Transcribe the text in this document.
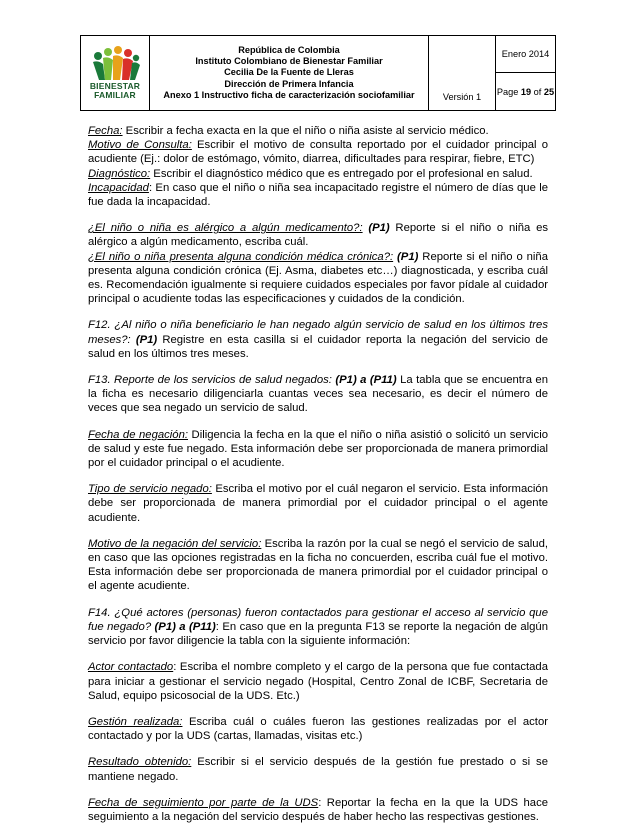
BIENESTAR
FAMILIAR

República de Colombia
Instituto Colombiano de Bienestar Familiar
Cecilia De la Fuente de Lleras
Dirección de Primera Infancia
Anexo 1 Instructivo ficha de caracterización sociofamiliar	Versión 1	Enero 2014
Page 19 of 25

Fecha: Escribir a fecha exacta en la que el niño o niña asiste al servicio médico.
Motivo de Consulta: Escribir el motivo de consulta reportado por el cuidador principal o acudiente (Ej.: dolor de estómago, vómito, diarrea, dificultades para respirar, fiebre, ETC)
Diagnóstico: Escribir el diagnóstico médico que es entregado por el profesional en salud.
Incapacidad: En caso que el niño o niña sea incapacitado registre el número de días que le fue dada la incapacidad.

¿El niño o niña es alérgico a algún medicamento?: (P1) Reporte si el niño o niña es alérgico a algún medicamento, escriba cuál.
¿El niño o niña presenta alguna condición médica crónica?: (P1) Reporte si el niño o niña presenta alguna condición crónica (Ej. Asma, diabetes etc…) diagnosticada, y escriba cuál es. Recomendación igualmente si requiere cuidados especiales por favor pídale al cuidador principal o acudiente todas las especificaciones y cuidados de la condición.

F12. ¿Al niño o niña beneficiario le han negado algún servicio de salud en los últimos tres meses?: (P1) Registre en esta casilla si el cuidador reporta la negación del servicio de salud en los últimos tres meses.

F13. Reporte de los servicios de salud negados: (P1) a (P11) La tabla que se encuentra en la ficha es necesario diligenciarla cuantas veces sea necesario, es decir el número de veces que sea negado un servicio de salud.

Fecha de negación: Diligencia la fecha en la que el niño o niña asistió o solicitó un servicio de salud y este fue negado. Esta información debe ser proporcionada de manera primordial por el cuidador principal o el acudiente.

Tipo de servicio negado: Escriba el motivo por el cuál negaron el servicio. Esta información debe ser proporcionada de manera primordial por el cuidador principal o el agente acudiente.

Motivo de la negación del servicio: Escriba la razón por la cual se negó el servicio de salud, en caso que las opciones registradas en la ficha no concuerden, escriba cuál fue el motivo. Esta información debe ser proporcionada de manera primordial por el cuidador principal o el agente acudiente.

F14. ¿Qué actores (personas) fueron contactados para gestionar el acceso al servicio que fue negado? (P1) a (P11): En caso que en la pregunta F13 se reporte la negación de algún servicio por favor diligencie la tabla con la siguiente información:

Actor contactado: Escriba el nombre completo y el cargo de la persona que fue contactada para iniciar a gestionar el servicio negado (Hospital, Centro Zonal de ICBF, Secretaria de Salud, equipo psicosocial de la UDS. Etc.)

Gestión realizada: Escriba cuál o cuáles fueron las gestiones realizadas por el actor contactado y por la UDS (cartas, llamadas, visitas etc.)

Resultado obtenido: Escribir si el servicio después de la gestión fue prestado o si se mantiene negado.

Fecha de seguimiento por parte de la UDS: Reportar la fecha en la que la UDS hace seguimiento a la negación del servicio después de haber hecho las respectivas gestiones.
